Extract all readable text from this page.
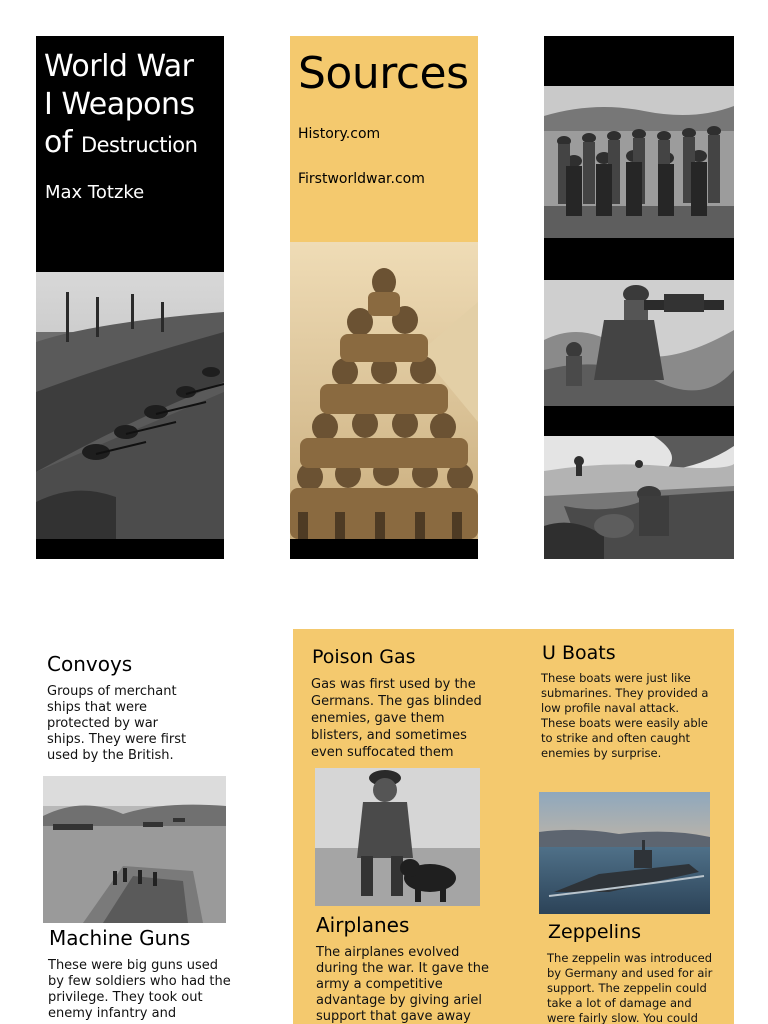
World War
I Weapons
of Destruction
Max Totzke
Sources
History.com
Firstworldwar.com
Convoys
Groups of merchant ships that were protected by war ships. They were first used by the British.
Machine Guns
These were big guns used by few soldiers who had the privilege. They took out enemy infantry and
Poison Gas
Gas was first used by the Germans. The gas blinded enemies, gave them blisters, and sometimes even suffocated them
U Boats
These boats were just like submarines. They provided a low profile naval attack. These boats were easily able to strike and often caught enemies by surprise.
Airplanes
The airplanes evolved during the war. It gave the army a competitive advantage by giving ariel support that gave away
Zeppelins
The zeppelin was introduced by Germany and used for air support. The zeppelin could take a lot of damage and were fairly slow. You could
